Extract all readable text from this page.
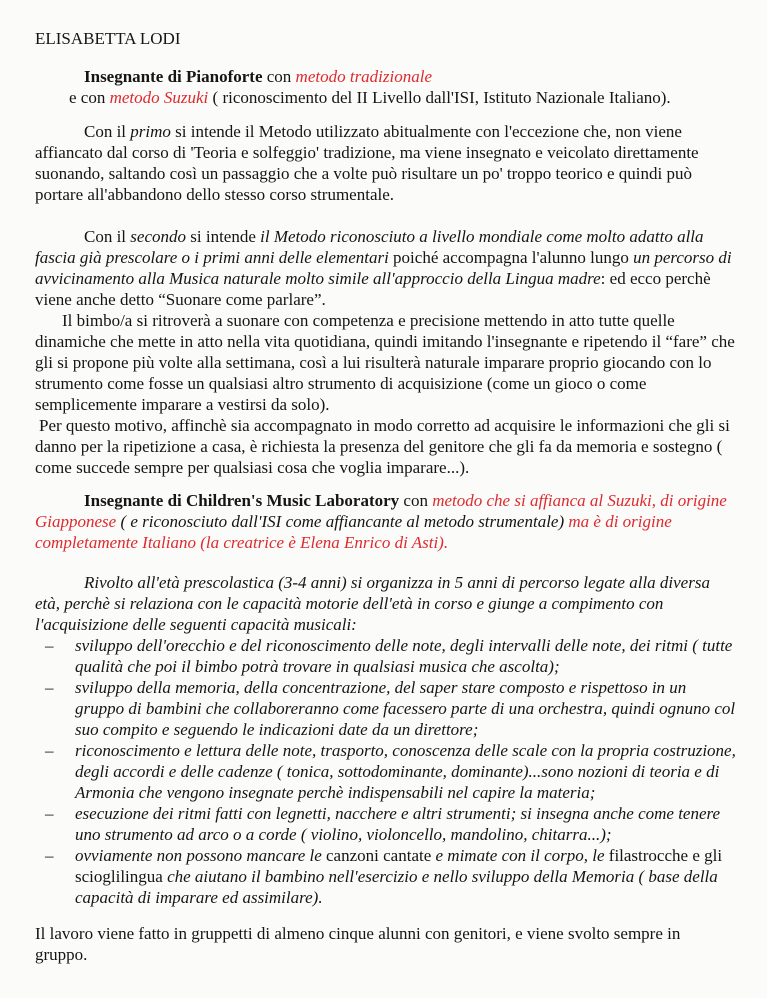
ELISABETTA LODI

Insegnante di Pianoforte con metodo tradizionale

e con metodo Suzuki ( riconoscimento del II Livello dall'ISI, Istituto Nazionale Italiano).

Con il primo si intende il Metodo utilizzato abitualmente con l'eccezione che, non viene affiancato dal corso di 'Teoria e solfeggio' tradizione, ma viene insegnato e veicolato direttamente suonando, saltando così un passaggio che a volte può risultare un po' troppo teorico e quindi può portare all'abbandono dello stesso corso strumentale.

Con il secondo si intende il Metodo riconosciuto a livello mondiale come molto adatto alla fascia già prescolare o i primi anni delle elementari poiché accompagna l'alunno lungo un percorso di avvicinamento alla Musica naturale molto simile all'approccio della Lingua madre: ed ecco perchè viene anche detto “Suonare come parlare”.

Il bimbo/a si ritroverà a suonare con competenza e precisione mettendo in atto tutte quelle dinamiche che mette in atto nella vita quotidiana, quindi imitando l'insegnante e ripetendo il “fare” che gli si propone più volte alla settimana, così a lui risulterà naturale imparare proprio giocando con lo strumento come fosse un qualsiasi altro strumento di acquisizione (come un gioco o come semplicemente imparare a vestirsi da solo).

Per questo motivo, affinchè sia accompagnato in modo corretto ad acquisire le informazioni che gli si danno per la ripetizione a casa, è richiesta la presenza del genitore che gli fa da memoria e sostegno ( come succede sempre per qualsiasi cosa che voglia imparare...).

Insegnante di Children's Music Laboratory con metodo che si affianca al Suzuki, di origine Giapponese ( e riconosciuto dall'ISI come affiancante al metodo strumentale) ma è di origine completamente Italiano (la creatrice è Elena Enrico di Asti).

Rivolto all'età prescolastica (3-4 anni) si organizza in 5 anni di percorso legate alla diversa età, perchè si relaziona con le capacità motorie dell'età in corso e giunge a compimento con l'acquisizione delle seguenti capacità musicali:

– sviluppo dell'orecchio e del riconoscimento delle note, degli intervalli delle note, dei ritmi ( tutte qualità che poi il bimbo potrà trovare in qualsiasi musica che ascolta);
– sviluppo della memoria, della concentrazione, del saper stare composto e rispettoso in un gruppo di bambini che collaboreranno come facessero parte di una orchestra, quindi ognuno col suo compito e seguendo le indicazioni date da un direttore;
– riconoscimento e lettura delle note, trasporto, conoscenza delle scale con la propria costruzione, degli accordi e delle cadenze ( tonica, sottodominante, dominante)...sono nozioni di teoria e di Armonia che vengono insegnate perchè indispensabili nel capire la materia;
– esecuzione dei ritmi fatti con legnetti, nacchere e altri strumenti; si insegna anche come tenere uno strumento ad arco o a corde ( violino, violoncello, mandolino, chitarra...);
– ovviamente non possono mancare le canzoni cantate e mimate con il corpo, le filastrocche e gli scioglilingua che aiutano il bambino nell'esercizio e nello sviluppo della Memoria ( base della capacità di imparare ed assimilare).

Il lavoro viene fatto in gruppetti di almeno cinque alunni con genitori, e viene svolto sempre in gruppo.
